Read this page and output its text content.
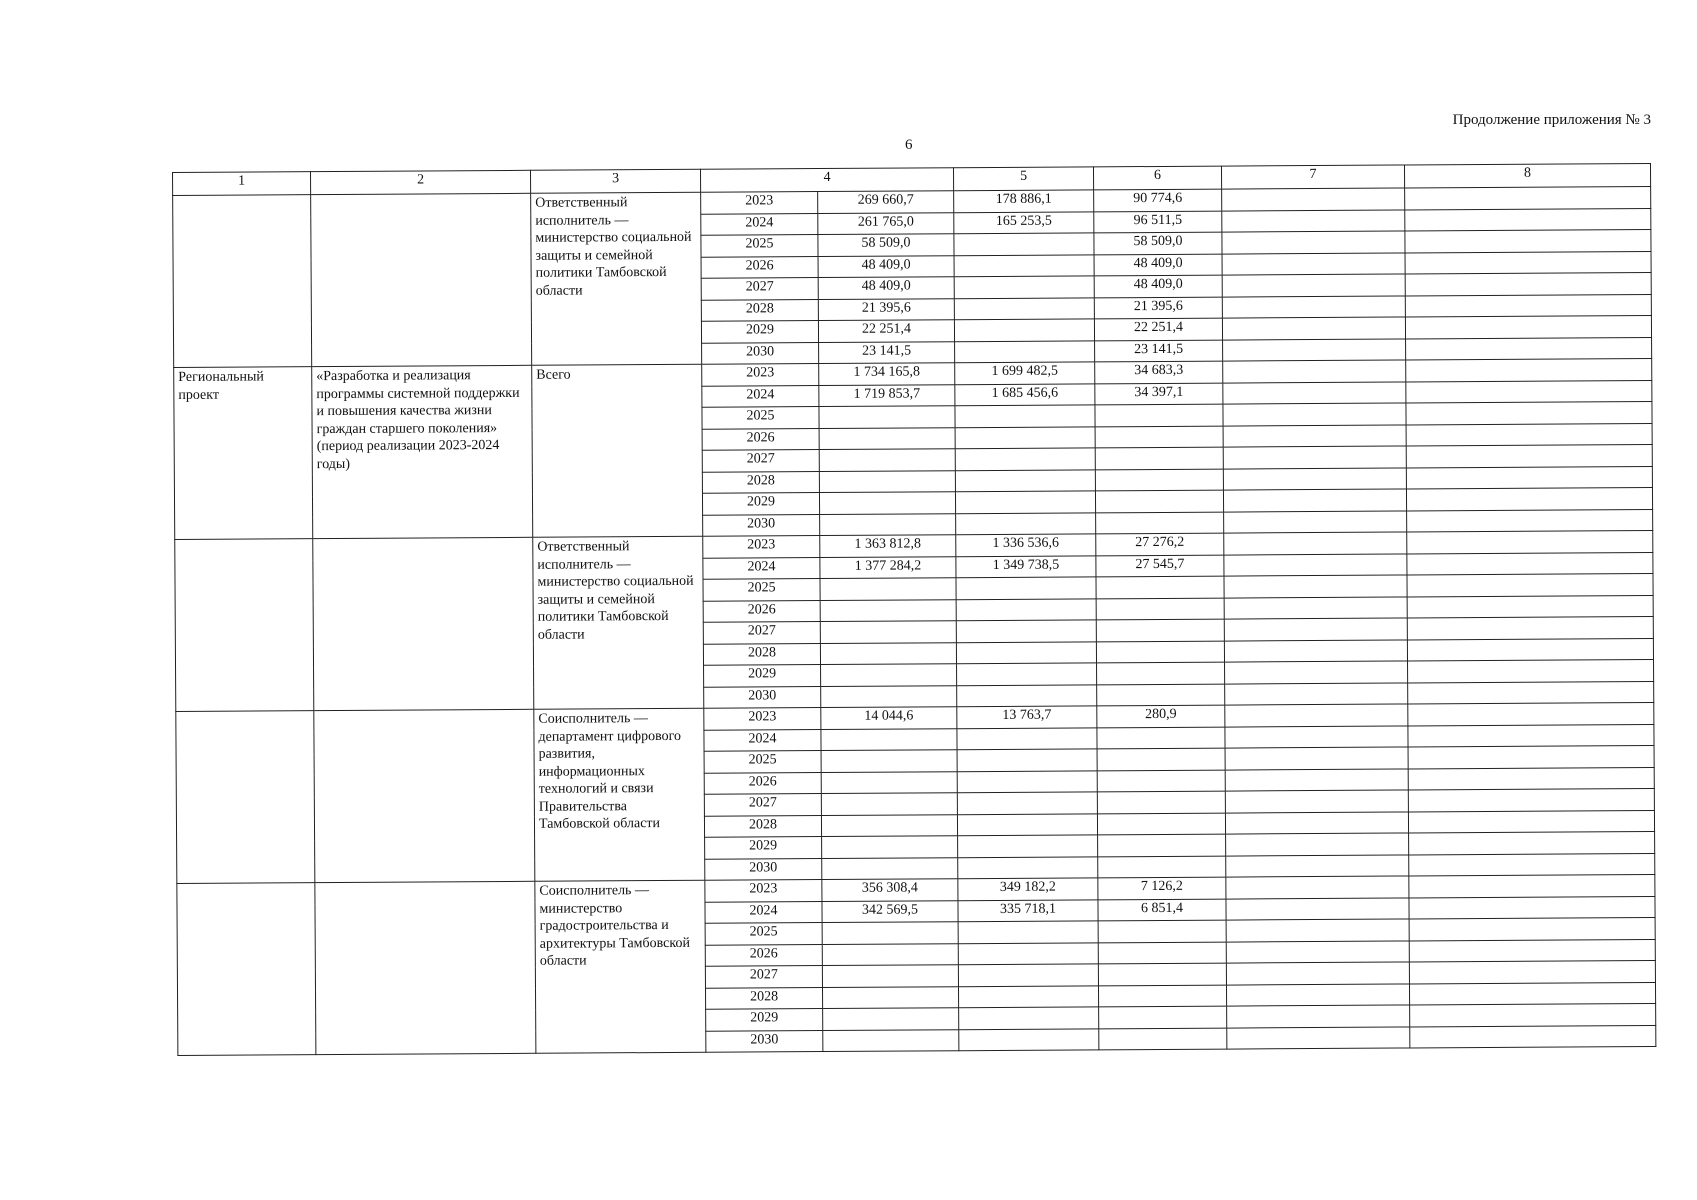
Продолжение приложения № 3
6
1	2	3	4		5	6	7	8
		Ответственный исполнитель — министерство социальной защиты и семейной политики Тамбовской области	2023	269 660,7	178 886,1	90 774,6		
			2024	261 765,0	165 253,5	96 511,5		
			2025	58 509,0		58 509,0		
			2026	48 409,0		48 409,0		
			2027	48 409,0		48 409,0		
			2028	21 395,6		21 395,6		
			2029	22 251,4		22 251,4		
			2030	23 141,5		23 141,5		
Региональный проект	«Разработка и реализация программы системной поддержки и повышения качества жизни граждан старшего поколения» (период реализации 2023-2024 годы)	Всего	2023	1 734 165,8	1 699 482,5	34 683,3		
			2024	1 719 853,7	1 685 456,6	34 397,1		
			2025					
			2026					
			2027					
			2028					
			2029					
			2030					
		Ответственный исполнитель — министерство социальной защиты и семейной политики Тамбовской области	2023	1 363 812,8	1 336 536,6	27 276,2		
			2024	1 377 284,2	1 349 738,5	27 545,7		
			2025					
			2026					
			2027					
			2028					
			2029					
			2030					
		Соисполнитель — департамент цифрового развития, информационных технологий и связи Правительства Тамбовской области	2023	14 044,6	13 763,7	280,9		
			2024					
			2025					
			2026					
			2027					
			2028					
			2029					
			2030					
		Соисполнитель — министерство градостроительства и архитектуры Тамбовской области	2023	356 308,4	349 182,2	7 126,2		
			2024	342 569,5	335 718,1	6 851,4		
			2025					
			2026					
			2027					
			2028					
			2029					
			2030					
